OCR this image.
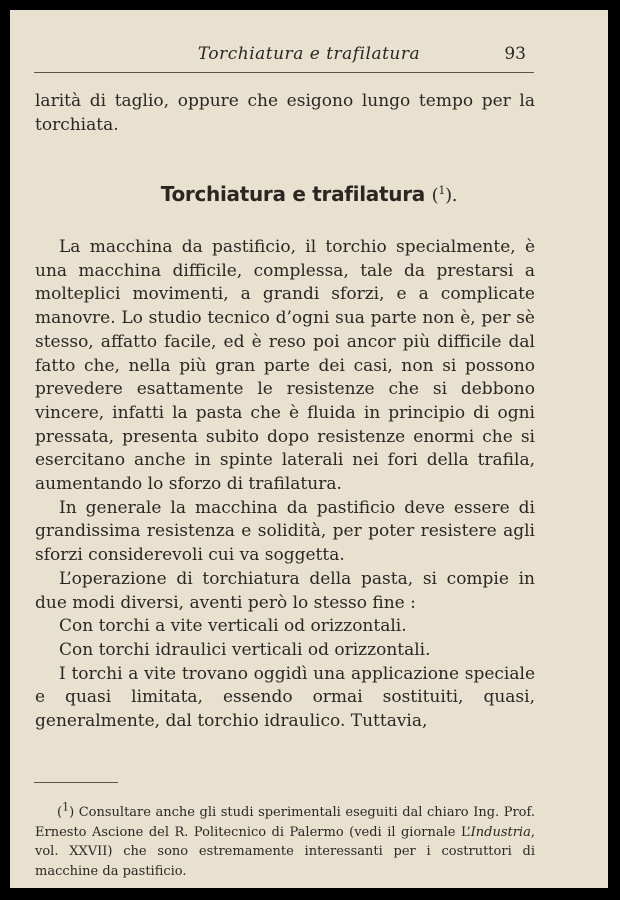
Torchiatura e trafilatura	93

larità di taglio, oppure che esigono lungo tempo per la torchiata.

Torchiatura e trafilatura ($^1$).

La macchina da pastificio, il torchio specialmente, è una macchina difficile, complessa, tale da prestarsi a molteplici movimenti, a grandi sforzi, e a complicate manovre. Lo studio tecnico d’ogni sua parte non è, per sè stesso, affatto facile, ed è reso poi ancor più difficile dal fatto che, nella più gran parte dei casi, non si possono prevedere esattamente le resistenze che si debbono vincere, infatti la pasta che è fluida in principio di ogni pressata, presenta subito dopo resistenze enormi che si esercitano anche in spinte laterali nei fori della trafila, aumentando lo sforzo di trafilatura.

In generale la macchina da pastificio deve essere di grandissima resistenza e solidità, per poter resistere agli sforzi considerevoli cui va soggetta.

L’operazione di torchiatura della pasta, si compie in due modi diversi, aventi però lo stesso fine :

Con torchi a vite verticali od orizzontali.

Con torchi idraulici verticali od orizzontali.

I torchi a vite trovano oggidì una applicazione speciale e quasi limitata, essendo ormai sostituiti, quasi, generalmente, dal torchio idraulico. Tuttavia,

($^1$) Consultare anche gli studi sperimentali eseguiti dal chiaro Ing. Prof. Ernesto Ascione del R. Politecnico di Palermo (vedi il giornale L’Industria, vol. XXVII) che sono estremamente interessanti per i costruttori di macchine da pastificio.
